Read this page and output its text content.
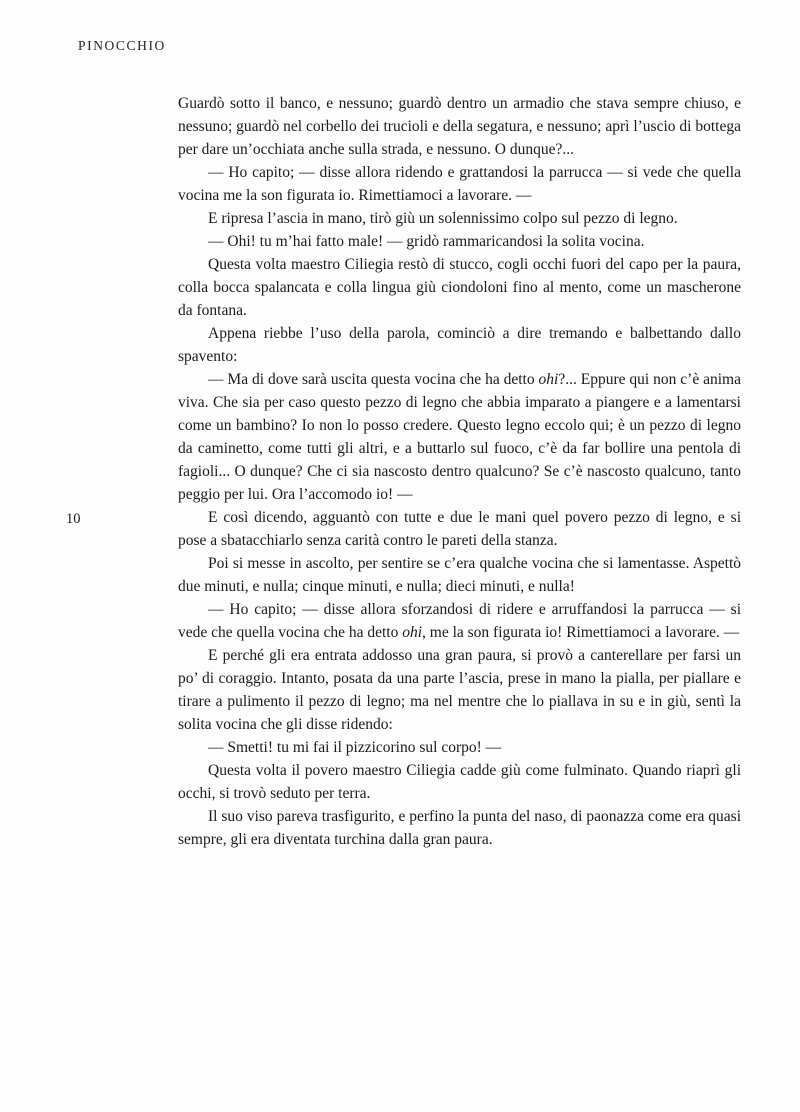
PINOCCHIO
10

Guardò sotto il banco, e nessuno; guardò dentro un armadio che stava sempre chiuso, e nessuno; guardò nel corbello dei trucioli e della segatura, e nessuno; aprì l’uscio di bottega per dare un’occhiata anche sulla strada, e nessuno. O dunque?...

— Ho capito; — disse allora ridendo e grattandosi la parrucca — si vede che quella vocina me la son figurata io. Rimettiamoci a lavorare. —

E ripresa l’ascia in mano, tirò giù un solennissimo colpo sul pezzo di legno.

— Ohi! tu m’hai fatto male! — gridò rammaricandosi la solita vocina.

Questa volta maestro Ciliegia restò di stucco, cogli occhi fuori del capo per la paura, colla bocca spalancata e colla lingua giù ciondoloni fino al mento, come un mascherone da fontana.

Appena riebbe l’uso della parola, cominciò a dire tremando e balbettando dallo spavento:

— Ma di dove sarà uscita questa vocina che ha detto ohi?... Eppure qui non c’è anima viva. Che sia per caso questo pezzo di legno che abbia imparato a piangere e a lamentarsi come un bambino? Io non lo posso credere. Questo legno eccolo qui; è un pezzo di legno da caminetto, come tutti gli altri, e a buttarlo sul fuoco, c’è da far bollire una pentola di fagioli... O dunque? Che ci sia nascosto dentro qualcuno? Se c’è nascosto qualcuno, tanto peggio per lui. Ora l’accomodo io! —

E così dicendo, agguantò con tutte e due le mani quel povero pezzo di legno, e si pose a sbatacchiarlo senza carità contro le pareti della stanza.

Poi si messe in ascolto, per sentire se c’era qualche vocina che si lamentasse. Aspettò due minuti, e nulla; cinque minuti, e nulla; dieci minuti, e nulla!

— Ho capito; — disse allora sforzandosi di ridere e arruffandosi la parrucca — si vede che quella vocina che ha detto ohi, me la son figurata io! Rimettiamoci a lavorare. —

E perché gli era entrata addosso una gran paura, si provò a canterellare per farsi un po’ di coraggio. Intanto, posata da una parte l’ascia, prese in mano la pialla, per piallare e tirare a pulimento il pezzo di legno; ma nel mentre che lo piallava in su e in giù, sentì la solita vocina che gli disse ridendo:

— Smetti! tu mi fai il pizzicorino sul corpo! —

Questa volta il povero maestro Ciliegia cadde giù come fulminato. Quando riaprì gli occhi, si trovò seduto per terra.

Il suo viso pareva trasfigurito, e perfino la punta del naso, di paonazza come era quasi sempre, gli era diventata turchina dalla gran paura.
